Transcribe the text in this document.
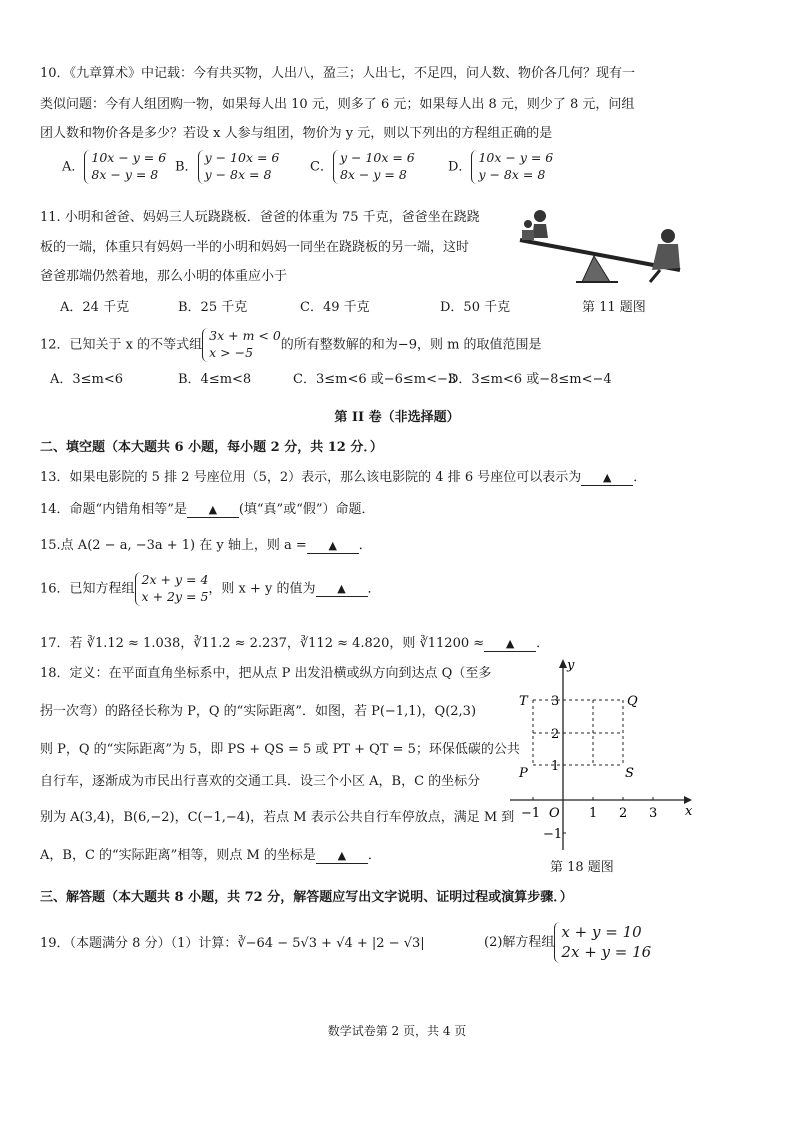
10．《九章算术》中记载：今有共买物，人出八，盈三；人出七，不足四，问人数、物价各几何？现有一
类似问题：今有人组团购一物，如果每人出 10 元，则多了 6 元；如果每人出 8 元，则少了 8 元，问组
团人数和物价各是多少？若设 x 人参与组团，物价为 y 元，则以下列出的方程组正确的是
A．10x − y = 6
8x − y = 8	B．y − 10x = 6
y − 8x = 8	C．y − 10x = 6
8x − y = 8	D．10x − y = 6
y − 8x = 8
11. 小明和爸爸、妈妈三人玩跷跷板．爸爸的体重为 75 千克，爸爸坐在跷跷
板的一端，体重只有妈妈一半的小明和妈妈一同坐在跷跷板的另一端，这时
爸爸那端仍然着地，那么小明的体重应小于
A．24 千克	B．25 千克	C．49 千克	D．50 千克	第 11 题图
12．已知关于 x 的不等式组3x + m < 0
x > −5 的所有整数解的和为−9，则 m 的取值范围是
A．3≤m<6	B．4≤m<8	C．3≤m<6 或−6≤m<−3
D．3≤m<6 或−8≤m<−4
第 II 卷（非选择题）
二、填空题（本大题共 6 小题，每小题 2 分，共 12 分．）
13．如果电影院的 5 排 2 号座位用（5，2）表示，那么该电影院的 4 排 6 号座位可以表示为 ▲ ．
14．命题“内错角相等”是 ▲ (填“真”或“假”）命题．
15.点 A(2 − a, −3a + 1) 在 y 轴上，则 a = ▲ ．
16．已知方程组2x + y = 4
x + 2y = 5，则 x + y 的值为 ▲ ．
17．若 ∛1.12 ≈ 1.038，∛11.2 ≈ 2.237，∛112 ≈ 4.820，则 ∛11200 ≈ ▲ ．
18．定义：在平面直角坐标系中，把从点 P 出发沿横或纵方向到达点 Q（至多
拐一次弯）的路径长称为 P，Q 的“实际距离”．如图，若 P(−1,1)，Q(2,3)
则 P，Q 的“实际距离”为 5，即 PS + QS = 5 或 PT + QT = 5；环保低碳的公共
自行车，逐渐成为市民出行喜欢的交通工具．设三个小区 A，B，C 的坐标分
别为 A(3,4)，B(6,−2)，C(−1,−4)，若点 M 表示公共自行车停放点，满足 M 到
A，B，C 的“实际距离”相等，则点 M 的坐标是 ▲ ．
y
x
O
−1	1 2 3
3
2
1
−1
T	Q
P	S
第 18 题图
三、解答题（本大题共 8 小题，共 72 分，解答题应写出文字说明、证明过程或演算步骤．）
19．（本题满分 8 分）（1）计算：∛−64 − 5√3 + √4 + |2 − √3|	(2)解方程组x + y = 10
2x + y = 16
数学试卷第 2 页，共 4 页
